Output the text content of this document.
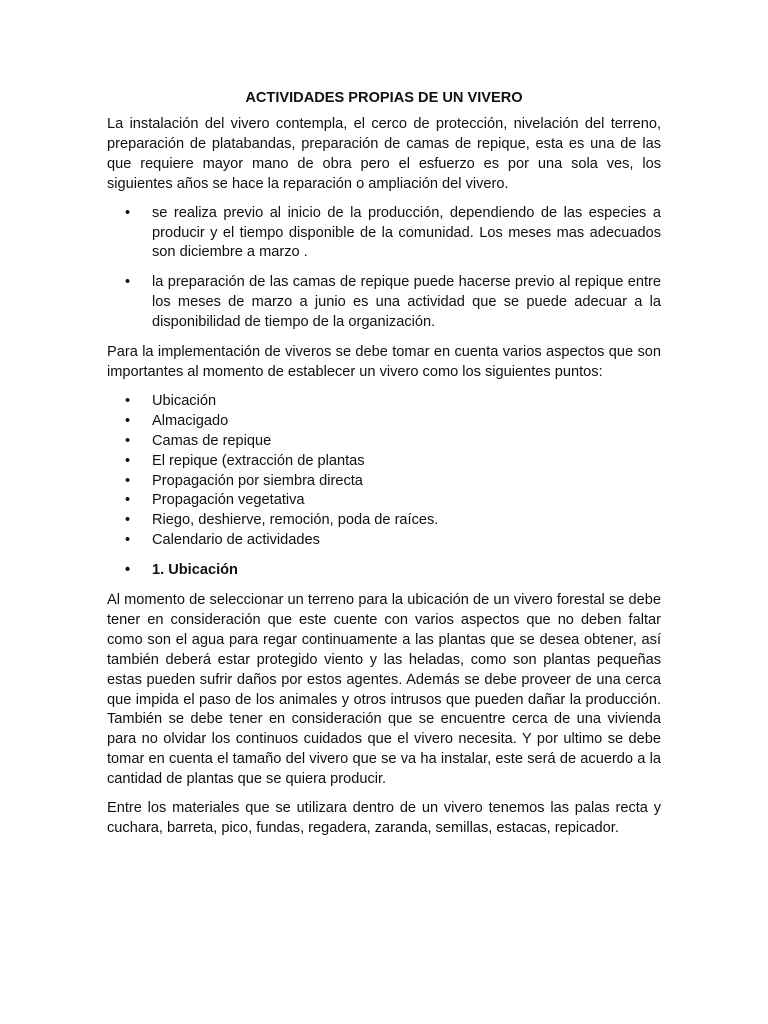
ACTIVIDADES PROPIAS DE UN VIVERO

La instalación del vivero contempla, el cerco de protección, nivelación del terreno, preparación de platabandas, preparación de camas de repique, esta es una de las que requiere mayor mano de obra pero el esfuerzo es por una sola ves, los siguientes años se hace la reparación o ampliación del vivero.

• se realiza previo al inicio de la producción, dependiendo de las especies a producir y el tiempo disponible de la comunidad. Los meses mas adecuados son diciembre a marzo .
• la preparación de las camas de repique puede hacerse previo al repique entre los meses de marzo a junio es una actividad que se puede adecuar a la disponibilidad de tiempo de la organización.

Para la implementación de viveros se debe tomar en cuenta varios aspectos que son importantes al momento de establecer un vivero como los siguientes puntos:

• Ubicación
• Almacigado
• Camas de repique
• El repique (extracción de plantas
• Propagación por siembra directa
• Propagación vegetativa
• Riego, deshierve, remoción, poda de raíces.
• Calendario de actividades
• 1. Ubicación

Al momento de seleccionar un terreno para la ubicación de un vivero forestal se debe tener en consideración que este cuente con varios aspectos que no deben faltar como son el agua para regar continuamente a las plantas que se desea obtener, así también deberá estar protegido viento y las heladas, como son plantas pequeñas estas pueden sufrir daños por estos agentes. Además se debe proveer de una cerca que impida el paso de los animales y otros intrusos que pueden dañar la producción. También se debe tener en consideración que se encuentre cerca de una vivienda para no olvidar los continuos cuidados que el vivero necesita. Y por ultimo se debe tomar en cuenta el tamaño del vivero que se va ha instalar, este será de acuerdo a la cantidad de plantas que se quiera producir.

Entre los materiales que se utilizara dentro de un vivero tenemos las palas recta y cuchara, barreta, pico, fundas, regadera, zaranda, semillas, estacas, repicador.
